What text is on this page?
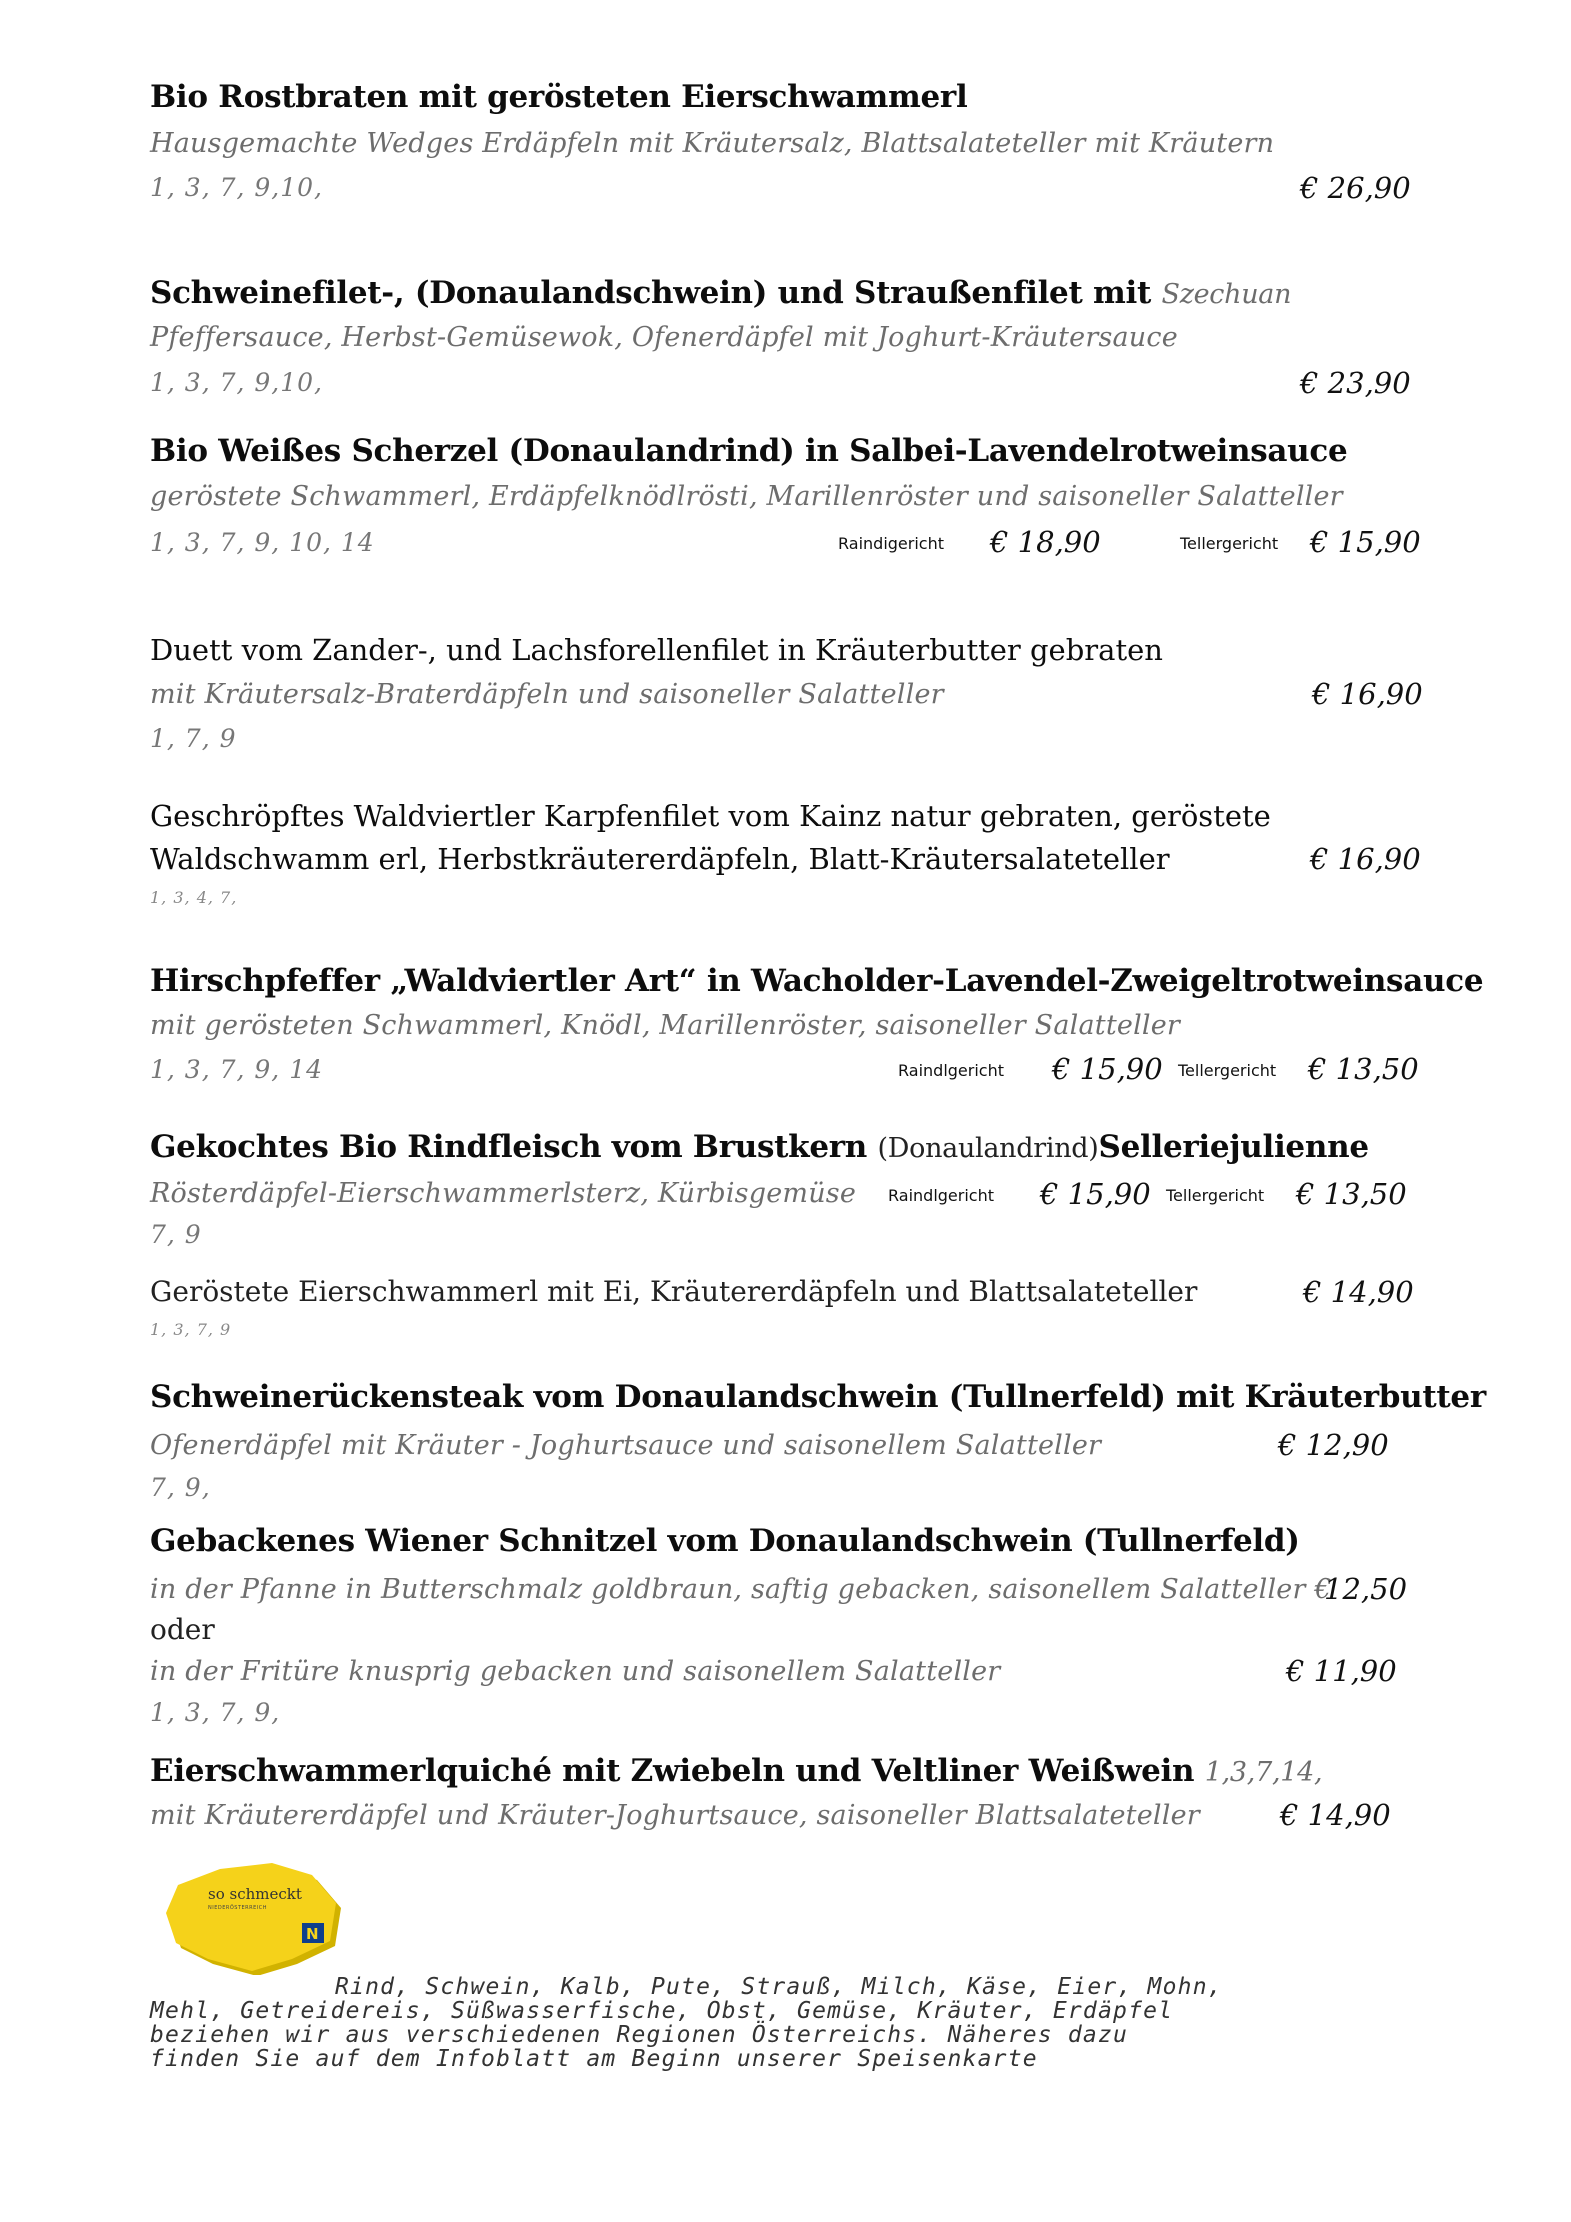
Bio Rostbraten mit gerösteten Eierschwammerl
Hausgemachte Wedges Erdäpfeln mit Kräutersalz, Blattsalateteller mit Kräutern
1, 3, 7, 9,10,	€ 26,90
Schweinefilet-, (Donaulandschwein) und Straußenfilet mit Szechuan
Pfeffersauce, Herbst-Gemüsewok, Ofenerdäpfel mit Joghurt-Kräutersauce
1, 3, 7, 9,10,	€ 23,90
Bio Weißes Scherzel (Donaulandrind) in Salbei-Lavendelrotweinsauce
geröstete Schwammerl, Erdäpfelknödlrösti, Marillenröster und saisoneller Salatteller
1, 3, 7, 9, 10, 14	Raindigericht € 18,90	Tellergericht € 15,90
Duett vom Zander-, und Lachsforellenfilet in Kräuterbutter gebraten
mit Kräutersalz-Braterdäpfeln und saisoneller Salatteller
1, 7, 9
€ 16,90
Geschröpftes Waldviertler Karpfenfilet vom Kainz natur gebraten, geröstete
Waldschwamm erl, Herbstkräutererdäpfeln, Blatt-Kräutersalateteller
1, 3, 4, 7,
€ 16,90
Hirschpfeffer „Waldviertler Art“ in Wacholder-Lavendel-Zweigeltrotweinsauce
mit gerösteten Schwammerl, Knödl, Marillenröster, saisoneller Salatteller
1, 3, 7, 9, 14	Raindlgericht € 15,90 Tellergericht € 13,50
Gekochtes Bio Rindfleisch vom Brustkern (Donaulandrind)Selleriejulienne
Rösterdäpfel-Eierschwammerlsterz, Kürbisgemüse Raindlgericht € 15,90 Tellergericht € 13,50
7, 9
Geröstete Eierschwammerl mit Ei, Kräutererdäpfeln und Blattsalateteller
1, 3, 7, 9
€ 14,90
Schweinerückensteak vom Donaulandschwein (Tullnerfeld) mit Kräuterbutter
Ofenerdäpfel mit Kräuter - Joghurtsauce und saisonellem Salatteller
7, 9,
€ 12,90
Gebackenes Wiener Schnitzel vom Donaulandschwein (Tullnerfeld)
in der Pfanne in Butterschmalz goldbraun, saftig gebacken, saisonellem Salatteller €
12,50
oder
in der Fritüre knusprig gebacken und saisonellem Salatteller	€ 11,90
1, 3, 7, 9,
Eierschwammerlquiché mit Zwiebeln und Veltliner Weißwein 1,3,7,14,
mit Kräutererdäpfel und Kräuter-Joghurtsauce, saisoneller Blattsalateteller	€ 14,90
so schmeckt
NIEDERÖSTERREICH
N
Rind, Schwein, Kalb, Pute, Strauß, Milch, Käse, Eier, Mohn,
Mehl, Getreidereis, Süßwasserfische, Obst, Gemüse, Kräuter, Erdäpfel
beziehen wir aus verschiedenen Regionen Österreichs. Näheres dazu
finden Sie auf dem Infoblatt am Beginn unserer Speisenkarte
